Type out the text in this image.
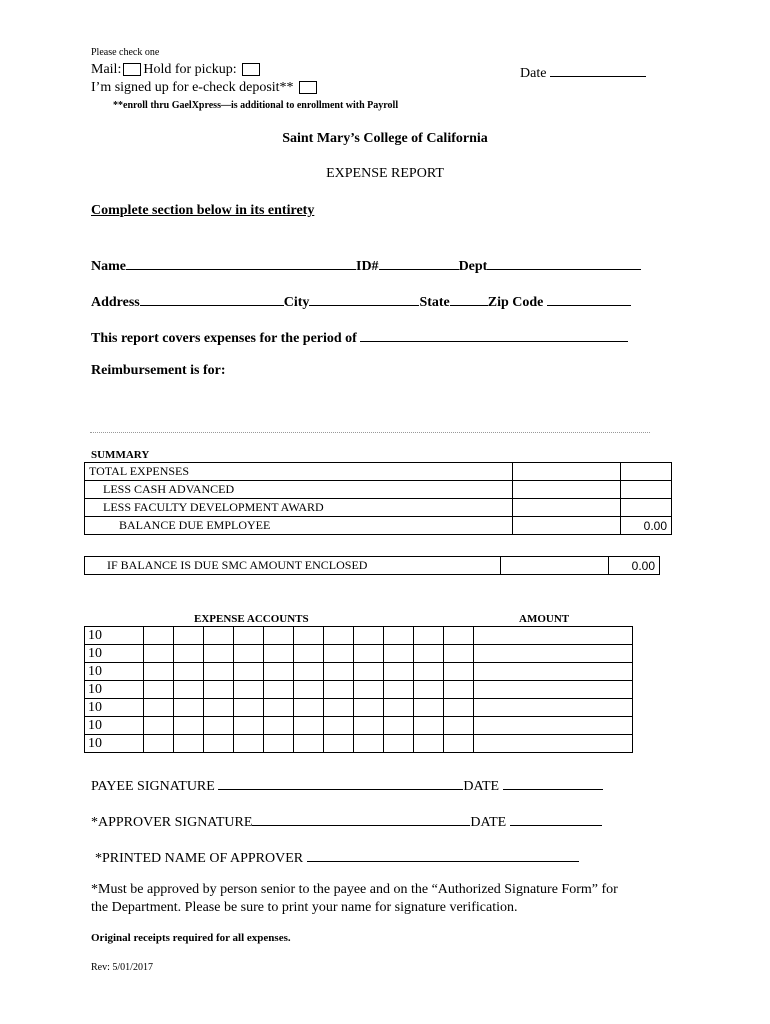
Please check one
Mail: Hold for pickup:	Date
I’m signed up for e-check deposit**
**enroll thru GaelXpress—is additional to enrollment with Payroll
Saint Mary’s College of California
EXPENSE REPORT
Complete section below in its entirety
Name	ID#	Dept
Address	City	State	Zip Code
This report covers expenses for the period of
Reimbursement is for:
SUMMARY
TOTAL EXPENSES		
LESS CASH ADVANCED		
LESS FACULTY DEVELOPMENT AWARD		
BALANCE DUE EMPLOYEE		0.00
IF BALANCE IS DUE SMC AMOUNT ENCLOSED		0.00
EXPENSE ACCOUNTS	AMOUNT
10												
10												
10												
10												
10												
10												
10												
PAYEE SIGNATURE	DATE
*APPROVER SIGNATURE	DATE
*PRINTED NAME OF APPROVER
*Must be approved by person senior to the payee and on the “Authorized Signature Form” for
the Department. Please be sure to print your name for signature verification.
Original receipts required for all expenses.
Rev: 5/01/2017
